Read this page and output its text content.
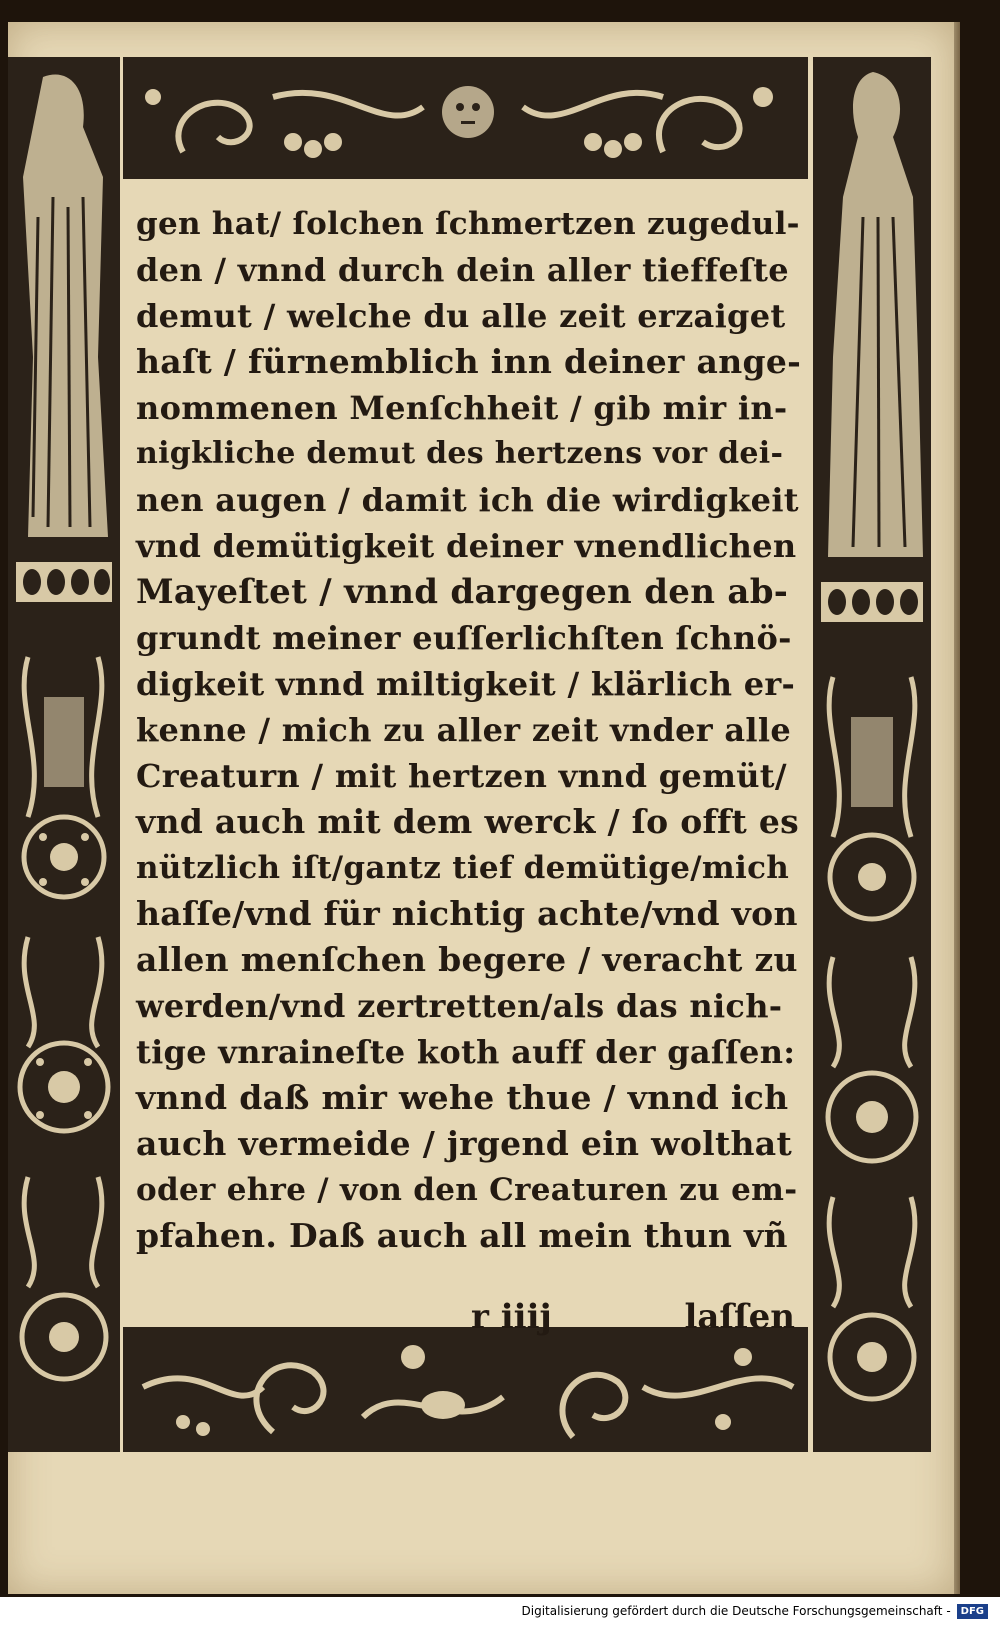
gen hat/ ſolchen ſchmertzen zugedul-
den / vnnd durch dein aller tieffeſte
demut / welche du alle zeit erzaiget
haſt / fürnemblich inn deiner ange-
nommenen Menſchheit / gib mir in-
nigkliche demut des hertzens vor dei-
nen augen / damit ich die wirdigkeit
vnd demütigkeit deiner vnendlichen
Mayeſtet / vnnd dargegen den ab-
grundt meiner euſſerlichſten ſchnö-
digkeit vnnd miltigkeit / klärlich er-
kenne / mich zu aller zeit vnder alle
Creaturn / mit hertzen vnnd gemüt/
vnd auch mit dem werck / ſo offt es
nützlich iſt/gantz tief demütige/mich
haſſe/vnd für nichtig achte/vnd von
allen menſchen begere / veracht zu
werden/vnd zertretten/als das nich-
tige vnraineſte koth auff der gaſſen:
vnnd daß mir wehe thue / vnnd ich
auch vermeide / jrgend ein wolthat
oder ehre / von den Creaturen zu em-
pfahen. Daß auch all mein thun vñ
r iiij	laſſen
Digitalisierung gefördert durch die Deutsche Forschungsgemeinschaft -	DFG
